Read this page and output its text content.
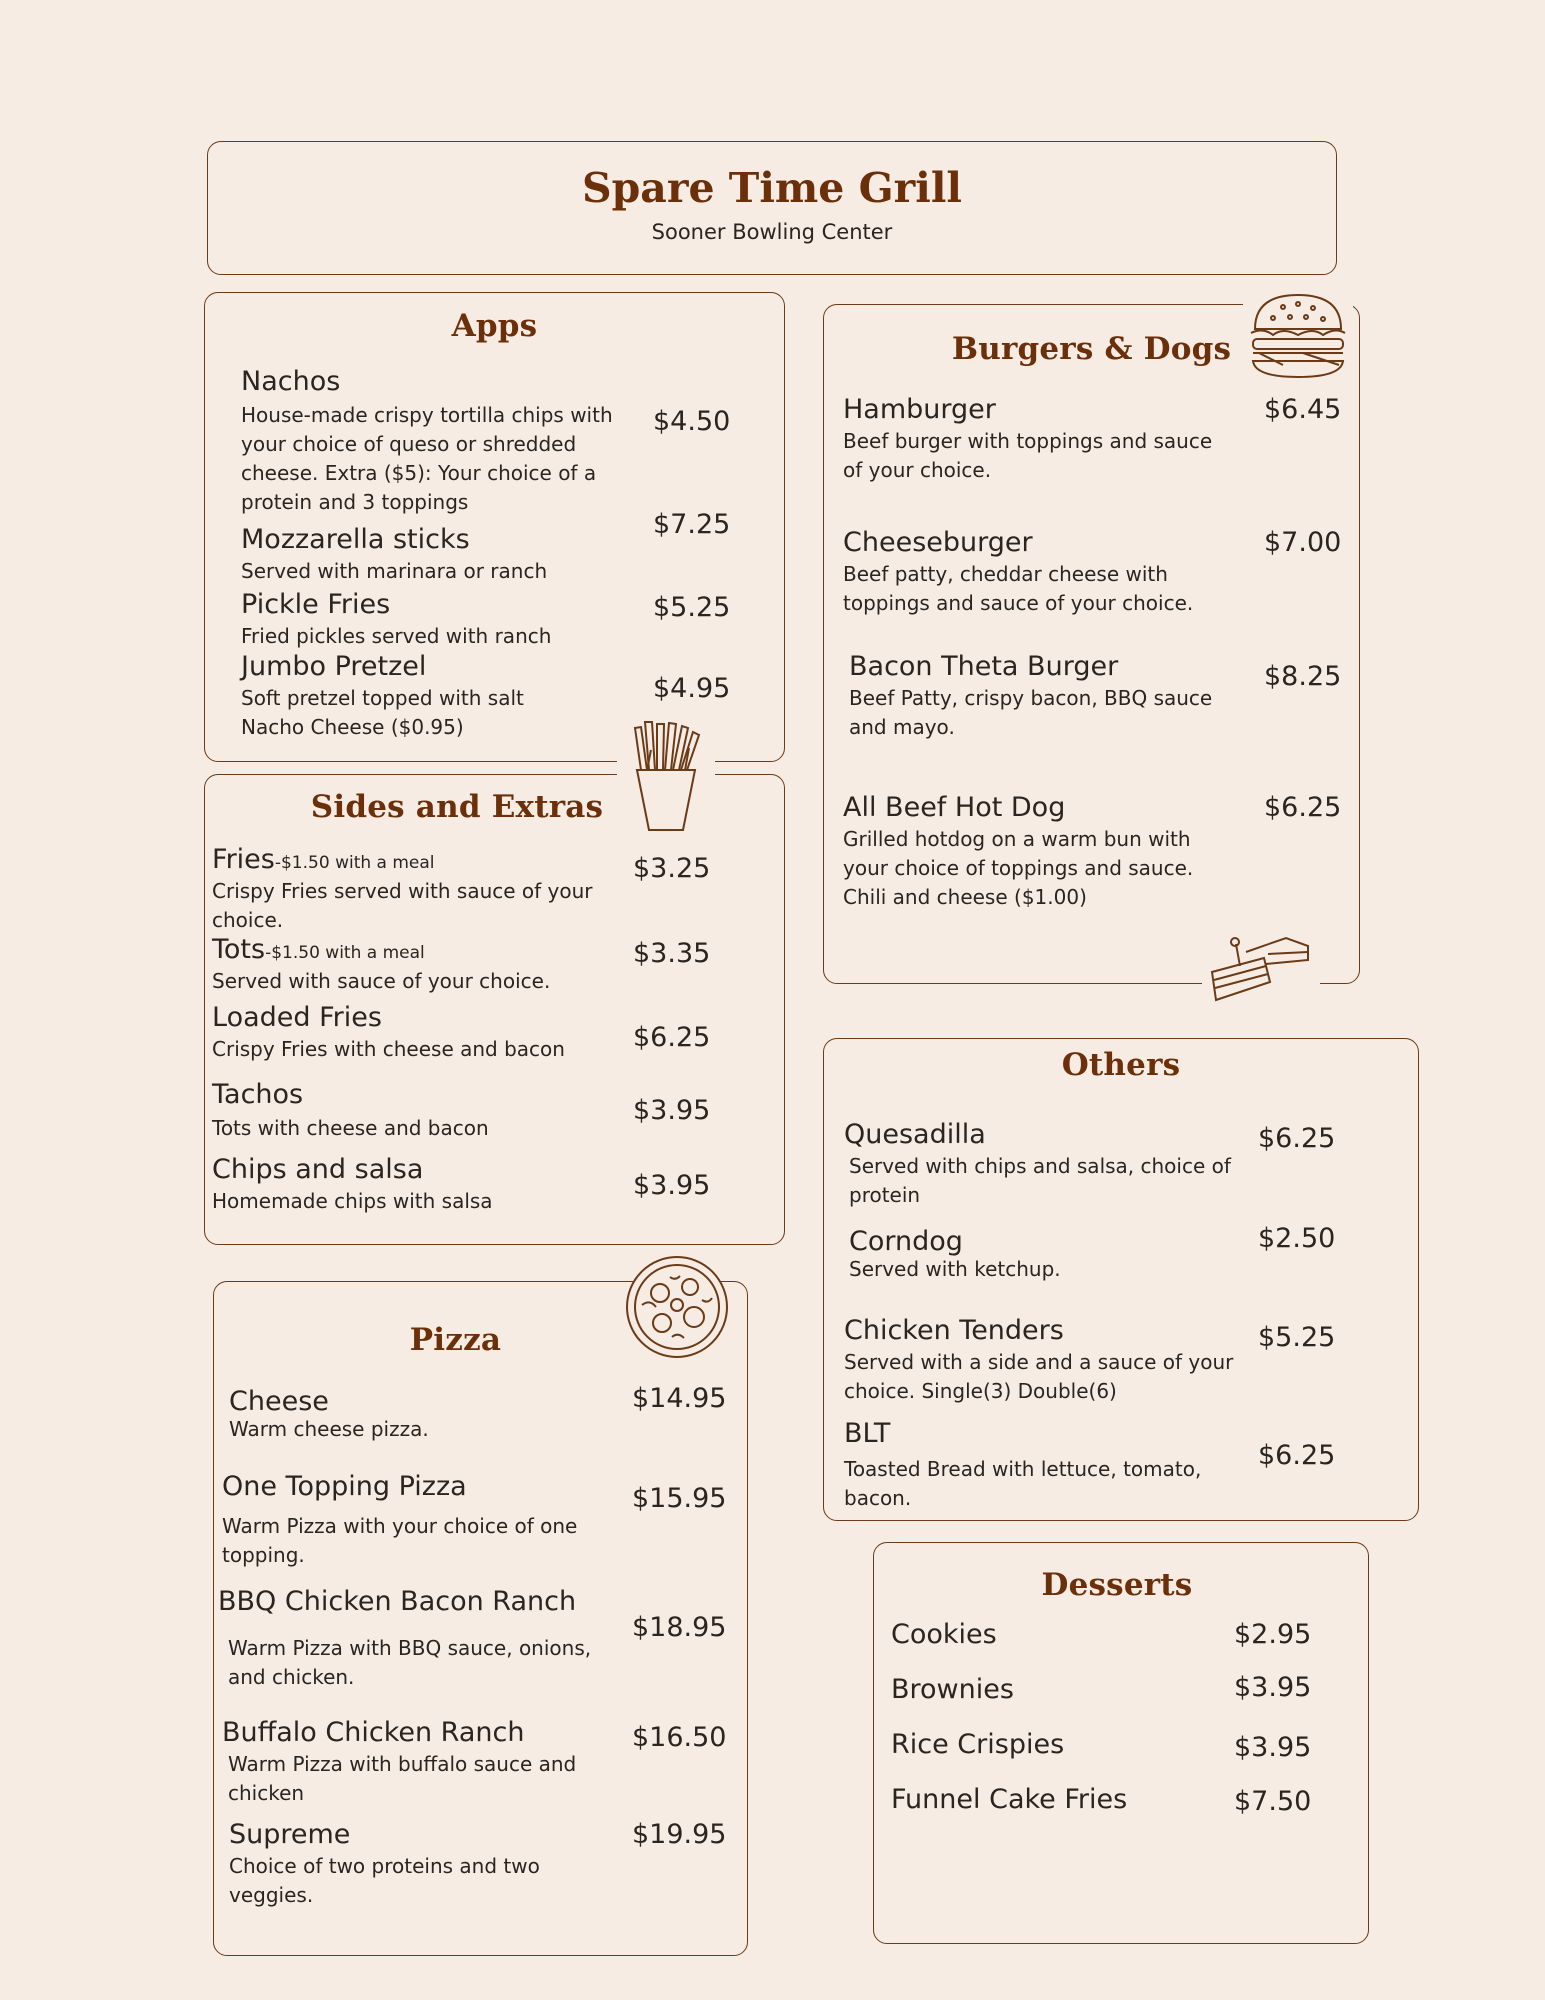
Spare Time Grill
Sooner Bowling Center
Apps
Nachos
House-made crispy tortilla chips with your choice of queso or shredded cheese. Extra ($5): Your choice of a protein and 3 toppings
$4.50
Mozzarella sticks
Served with marinara or ranch
$7.25
Pickle Fries
Fried pickles served with ranch
$5.25
Jumbo Pretzel
Soft pretzel topped with salt
Nacho Cheese ($0.95)
$4.95
Sides and Extras
Fries-$1.50 with a meal
Crispy Fries served with sauce of your choice.
$3.25
Tots-$1.50 with a meal
Served with sauce of your choice.
$3.35
Loaded Fries
Crispy Fries with cheese and bacon	$6.25
Tachos
Tots with cheese and bacon
$3.95
Chips and salsa
Homemade chips with salsa	$3.95
Pizza
Cheese
Warm cheese pizza.
$14.95
One Topping Pizza
Warm Pizza with your choice of one topping.
$15.95
BBQ Chicken Bacon Ranch
Warm Pizza with BBQ sauce, onions, and chicken.
$18.95
Buffalo Chicken Ranch
Warm Pizza with buffalo sauce and chicken
$16.50
Supreme
Choice of two proteins and two veggies.
$19.95
Burgers & Dogs
Hamburger
Beef burger with toppings and sauce of your choice.
$6.45
Cheeseburger
Beef patty, cheddar cheese with toppings and sauce of your choice.
$7.00
Bacon Theta Burger
Beef Patty, crispy bacon, BBQ sauce and mayo.
$8.25
All Beef Hot Dog
Grilled hotdog on a warm bun with your choice of toppings and sauce. Chili and cheese ($1.00)
$6.25
Others
Quesadilla
Served with chips and salsa, choice of protein
$6.25
Corndog
Served with ketchup.
$2.50
Chicken Tenders
Served with a side and a sauce of your choice. Single(3) Double(6)
$5.25
BLT
Toasted Bread with lettuce, tomato, bacon.
$6.25
Desserts
Cookies	$2.95
Brownies	$3.95
Rice Crispies	$3.95
Funnel Cake Fries	$7.50
